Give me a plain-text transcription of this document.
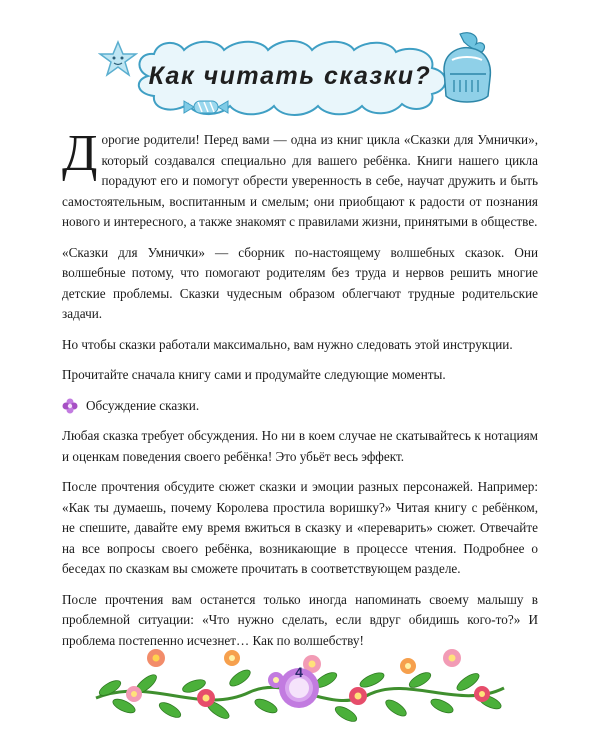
Как читать сказки?

Дорогие родители! Перед вами — одна из книг цикла «Сказки для Умнички», который создавался специально для вашего ребёнка. Книги нашего цикла порадуют его и помогут обрести уверенность в себе, научат дружить и быть самостоятельным, воспитанным и смелым; они приобщают к радости от познания нового и интересного, а также знакомят с правилами жизни, принятыми в обществе.

«Сказки для Умнички» — сборник по-настоящему волшебных сказок. Они волшебные потому, что помогают родителям без труда и нервов решить многие детские проблемы. Сказки чудесным образом облегчают трудные родительские задачи.

Но чтобы сказки работали максимально, вам нужно следовать этой инструкции.

Прочитайте сначала книгу сами и продумайте следующие моменты.

Обсуждение сказки.

Любая сказка требует обсуждения. Но ни в коем случае не скатывайтесь к нотациям и оценкам поведения своего ребёнка! Это убьёт весь эффект.

После прочтения обсудите сюжет сказки и эмоции разных персонажей. Например: «Как ты думаешь, почему Королева простила воришку?» Читая книгу с ребёнком, не спешите, давайте ему время вжиться в сказку и «переварить» сюжет. Отвечайте на все вопросы своего ребёнка, возникающие в процессе чтения. Подробнее о беседах по сказкам вы сможете прочитать в соответствующем разделе.

После прочтения вам останется только иногда напоминать своему малышу в проблемной ситуации: «Что нужно сделать, если вдруг обидишь кого-то?» И проблема постепенно исчезнет… Как по волшебству!

4
